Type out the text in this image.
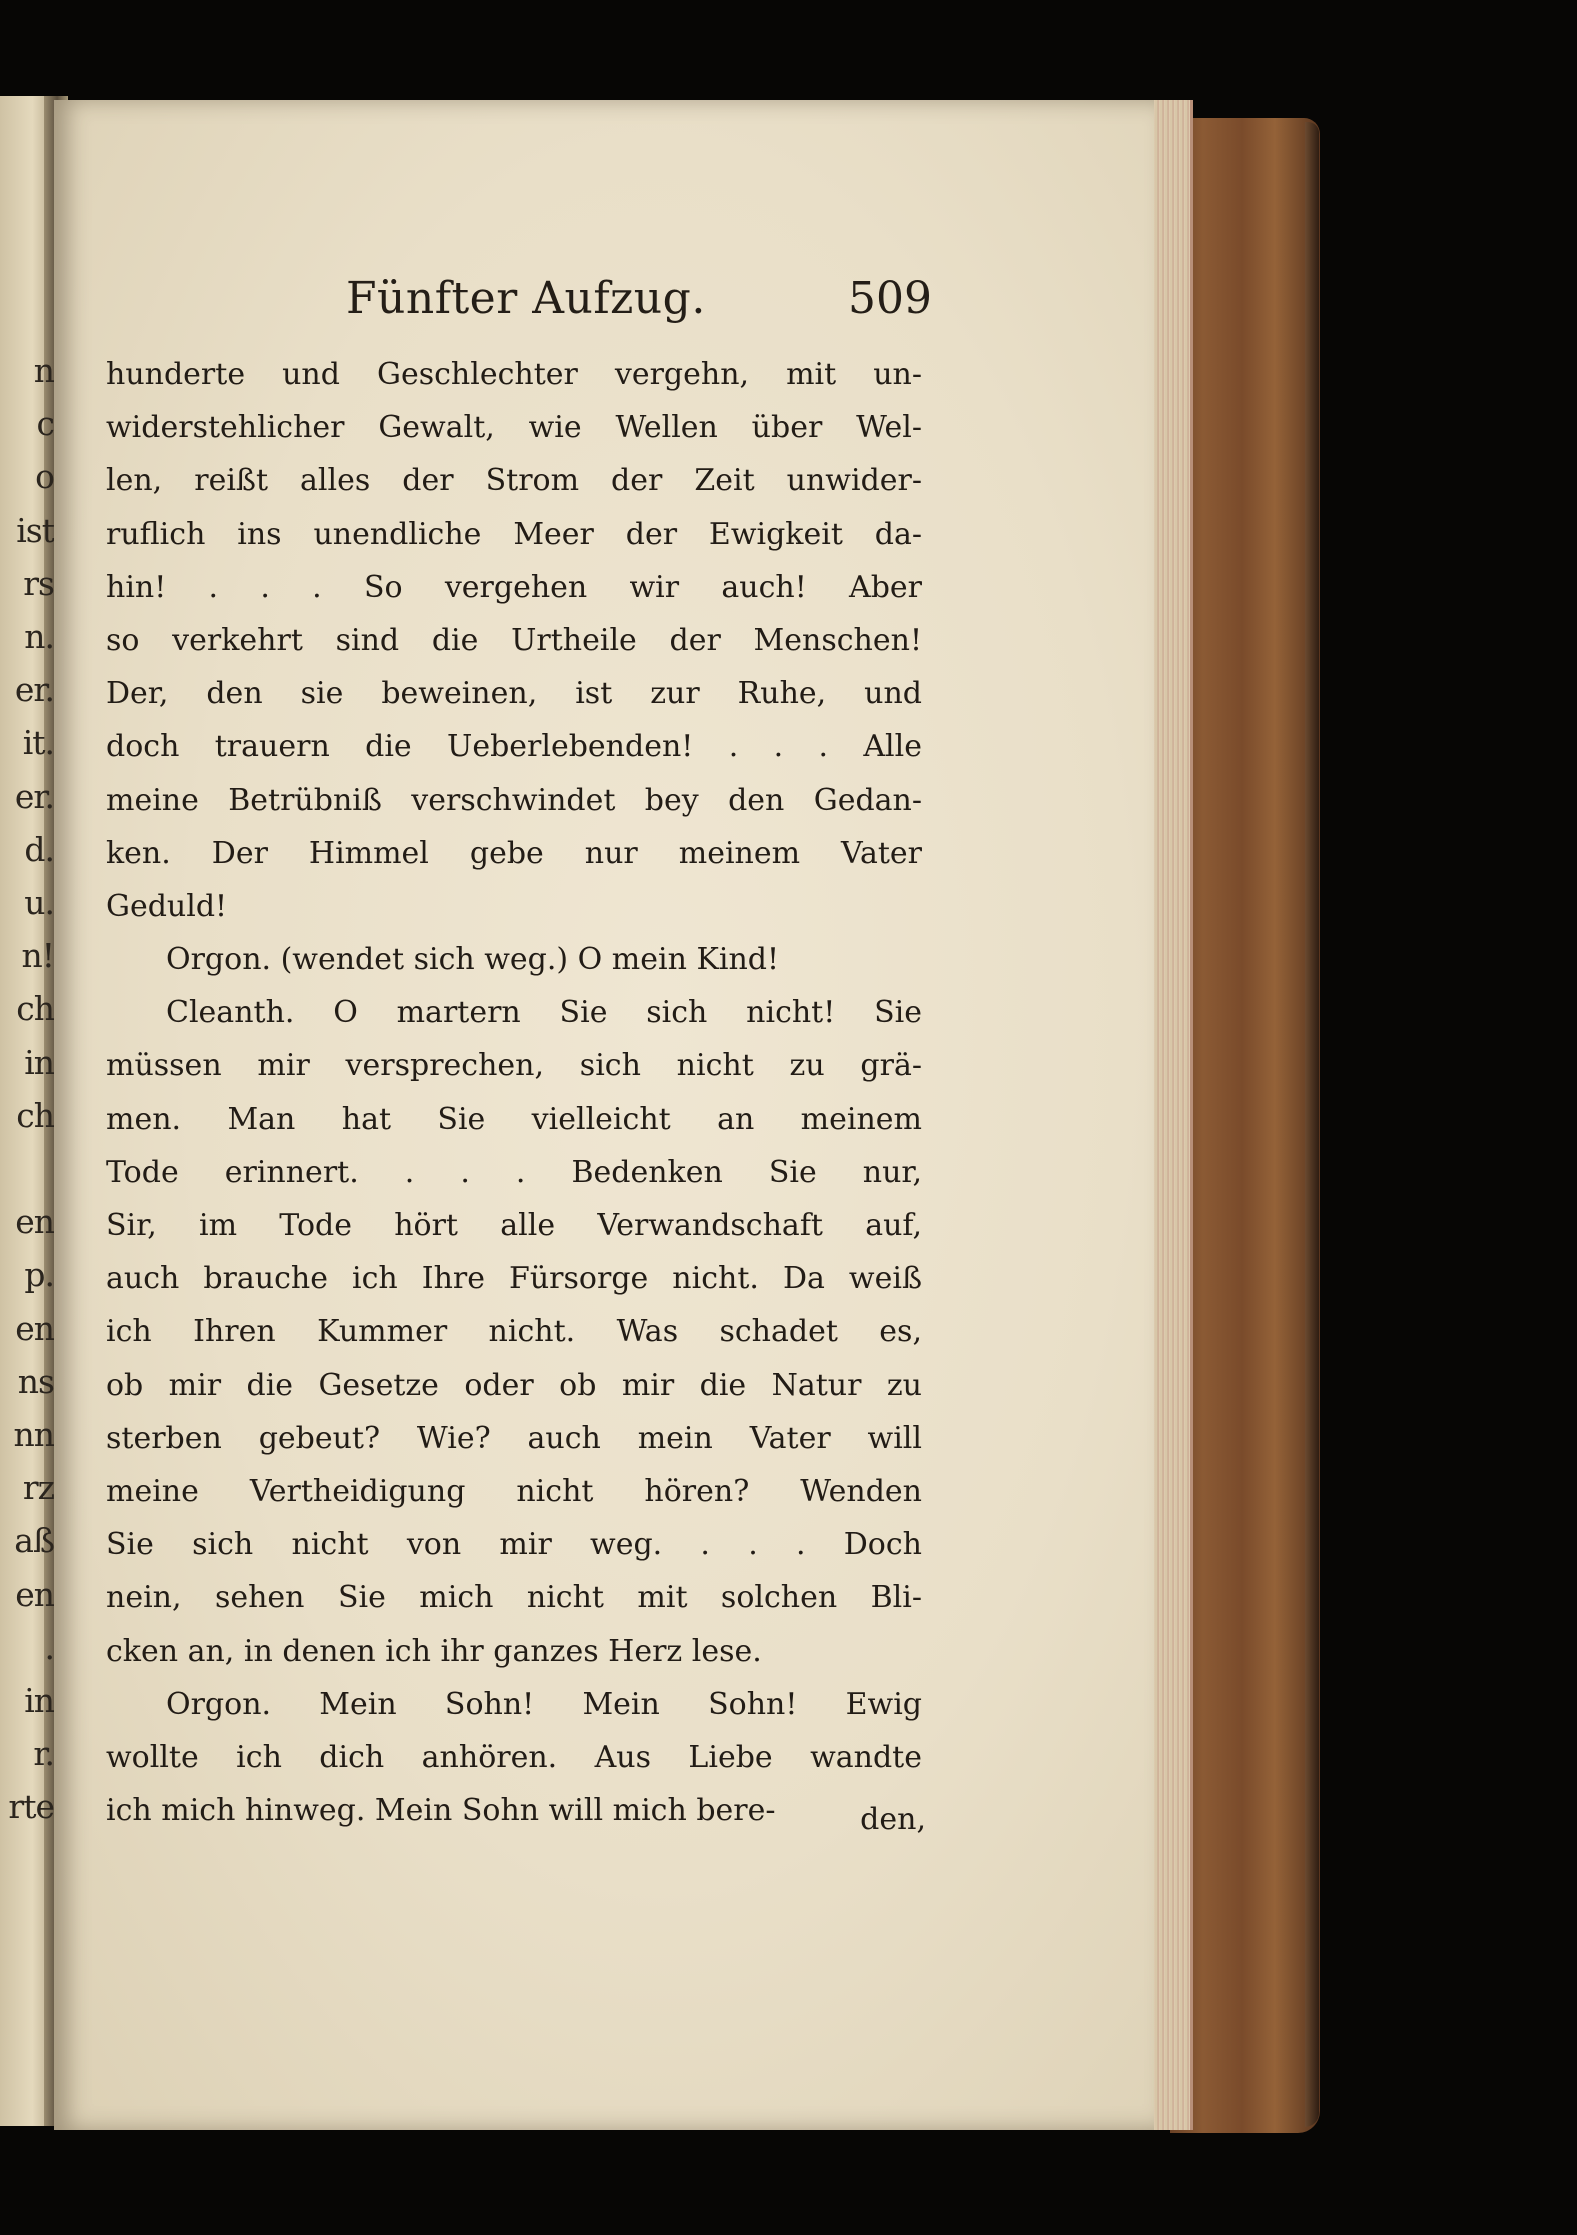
n
c
o
ist
rs
n.
er.
it.
er.
d.
u.
n!
ch
in
ch

en
p.
en
ns
nn
rz
aß
en
.
in
r.
rte
Fünfter Aufzug.	509
hunderte und Geschlechter vergehn, mit un-
widerstehlicher Gewalt, wie Wellen über Wel-
len, reißt alles der Strom der Zeit unwider-
ruflich ins unendliche Meer der Ewigkeit da-
hin! . . . So vergehen wir auch! Aber
so verkehrt sind die Urtheile der Menschen!
Der, den sie beweinen, ist zur Ruhe, und
doch trauern die Ueberlebenden! . . . Alle
meine Betrübniß verschwindet bey den Gedan-
ken. Der Himmel gebe nur meinem Vater
Geduld!
Orgon. (wendet sich weg.) O mein Kind!
Cleanth. O martern Sie sich nicht! Sie
müssen mir versprechen, sich nicht zu grä-
men. Man hat Sie vielleicht an meinem
Tode erinnert. . . . Bedenken Sie nur,
Sir, im Tode hört alle Verwandschaft auf,
auch brauche ich Ihre Fürsorge nicht. Da weiß
ich Ihren Kummer nicht. Was schadet es,
ob mir die Gesetze oder ob mir die Natur zu
sterben gebeut? Wie? auch mein Vater will
meine Vertheidigung nicht hören? Wenden
Sie sich nicht von mir weg. . . . Doch
nein, sehen Sie mich nicht mit solchen Bli-
cken an, in denen ich ihr ganzes Herz lese.
Orgon. Mein Sohn! Mein Sohn! Ewig
wollte ich dich anhören. Aus Liebe wandte
ich mich hinweg. Mein Sohn will mich bere-	den,
